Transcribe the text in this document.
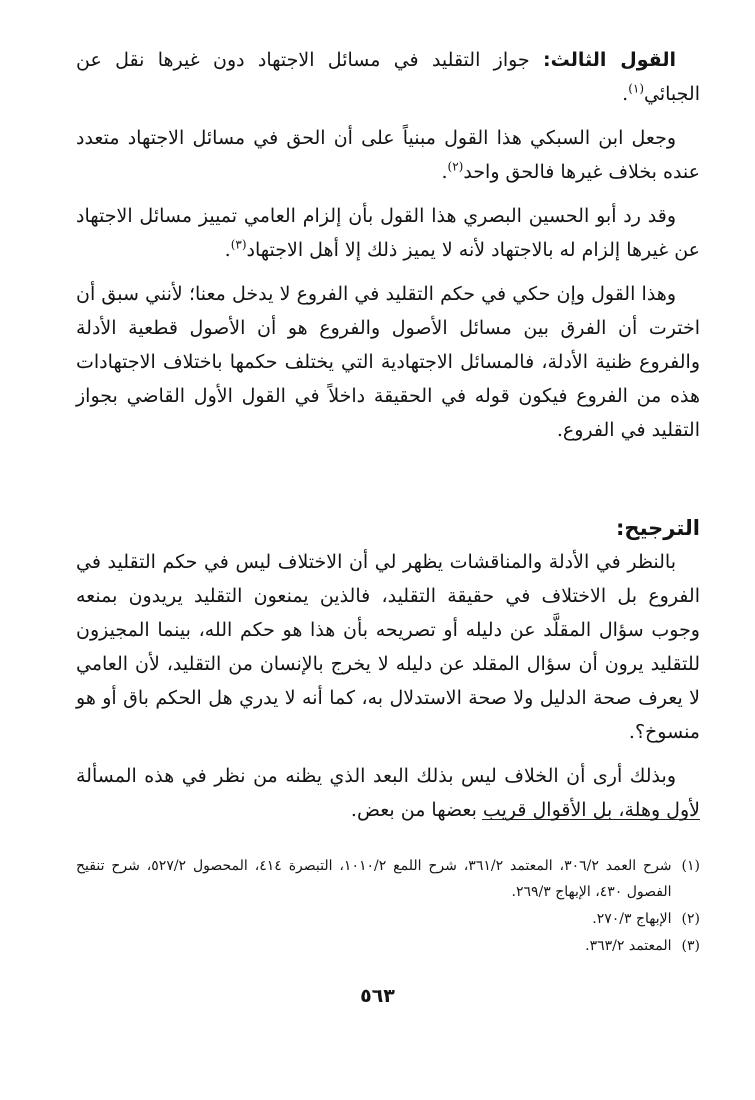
القول الثالث: جواز التقليد في مسائل الاجتهاد دون غيرها نقل عن الجبائي$^{(١)}$.

وجعل ابن السبكي هذا القول مبنياً على أن الحق في مسائل الاجتهاد متعدد عنده بخلاف غيرها فالحق واحد$^{(٢)}$.

وقد رد أبو الحسين البصري هذا القول بأن إلزام العامي تمييز مسائل الاجتهاد عن غيرها إلزام له بالاجتهاد لأنه لا يميز ذلك إلا أهل الاجتهاد$^{(٣)}$.

وهذا القول وإن حكي في حكم التقليد في الفروع لا يدخل معنا؛ لأنني سبق أن اخترت أن الفرق بين مسائل الأصول والفروع هو أن الأصول قطعية الأدلة والفروع ظنية الأدلة، فالمسائل الاجتهادية التي يختلف حكمها باختلاف الاجتهادات هذه من الفروع فيكون قوله في الحقيقة داخلاً في القول الأول القاضي بجواز التقليد في الفروع.

الترجيح:

بالنظر في الأدلة والمناقشات يظهر لي أن الاختلاف ليس في حكم التقليد في الفروع بل الاختلاف في حقيقة التقليد، فالذين يمنعون التقليد يريدون بمنعه وجوب سؤال المقلَّد عن دليله أو تصريحه بأن هذا هو حكم الله، بينما المجيزون للتقليد يرون أن سؤال المقلد عن دليله لا يخرج بالإنسان من التقليد، لأن العامي لا يعرف صحة الدليل ولا صحة الاستدلال به، كما أنه لا يدري هل الحكم باق أو هو منسوخ؟.

وبذلك أرى أن الخلاف ليس بذلك البعد الذي يظنه من نظر في هذه المسألة لأول وهلة، بل الأقوال قريب بعضها من بعض.

(١)
شرح العمد ٣٠٦/٢، المعتمد ٣٦١/٢، شرح اللمع ١٠١٠/٢، التبصرة ٤١٤، المحصول ٥٢٧/٢، شرح تنقيح الفصول ٤٣٠، الإبهاج ٢٦٩/٣.
(٢)
الإبهاج ٢٧٠/٣.
(٣)
المعتمد ٣٦٣/٢.
٥٦٣
